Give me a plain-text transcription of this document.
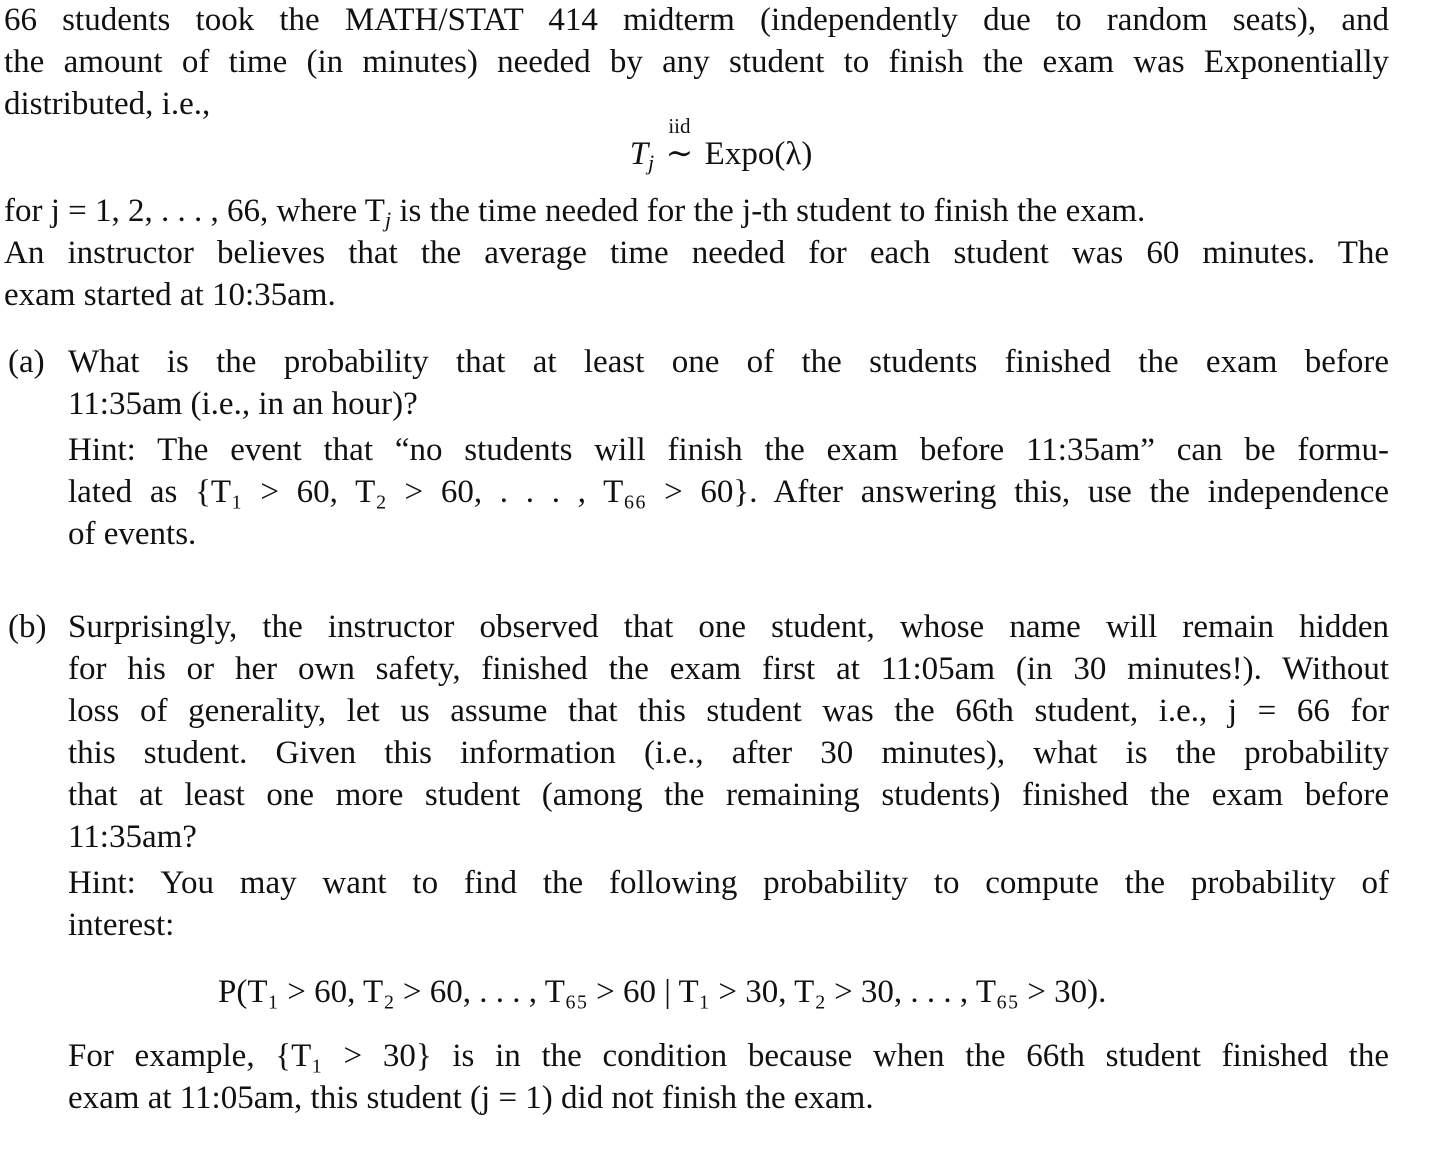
66 students took the MATH/STAT 414 midterm (independently due to random seats), and
the amount of time (in minutes) needed by any student to finish the exam was Exponentially
distributed, i.e.,
$T_j$
iid
∼ Expo(λ)
for j = 1, 2, . . . , 66, where $T_j$ is the time needed for the j-th student to finish the exam.
An instructor believes that the average time needed for each student was 60 minutes. The
exam started at 10:35am.
(a) What is the probability that at least one of the students finished the exam before
11:35am (i.e., in an hour)?
Hint: The event that “no students will finish the exam before 11:35am” can be formu-
lated as {T₁ > 60, T₂ > 60, . . . , T₆₆ > 60}. After answering this, use the independence
of events.
(b) Surprisingly, the instructor observed that one student, whose name will remain hidden
for his or her own safety, finished the exam first at 11:05am (in 30 minutes!). Without
loss of generality, let us assume that this student was the 66th student, i.e., j = 66 for
this student. Given this information (i.e., after 30 minutes), what is the probability
that at least one more student (among the remaining students) finished the exam before
11:35am?
Hint: You may want to find the following probability to compute the probability of
interest:
P(T₁ > 60, T₂ > 60, . . . , T₆₅ > 60 | T₁ > 30, T₂ > 30, . . . , T₆₅ > 30).
For example, {T₁ > 30} is in the condition because when the 66th student finished the
exam at 11:05am, this student (j = 1) did not finish the exam.
